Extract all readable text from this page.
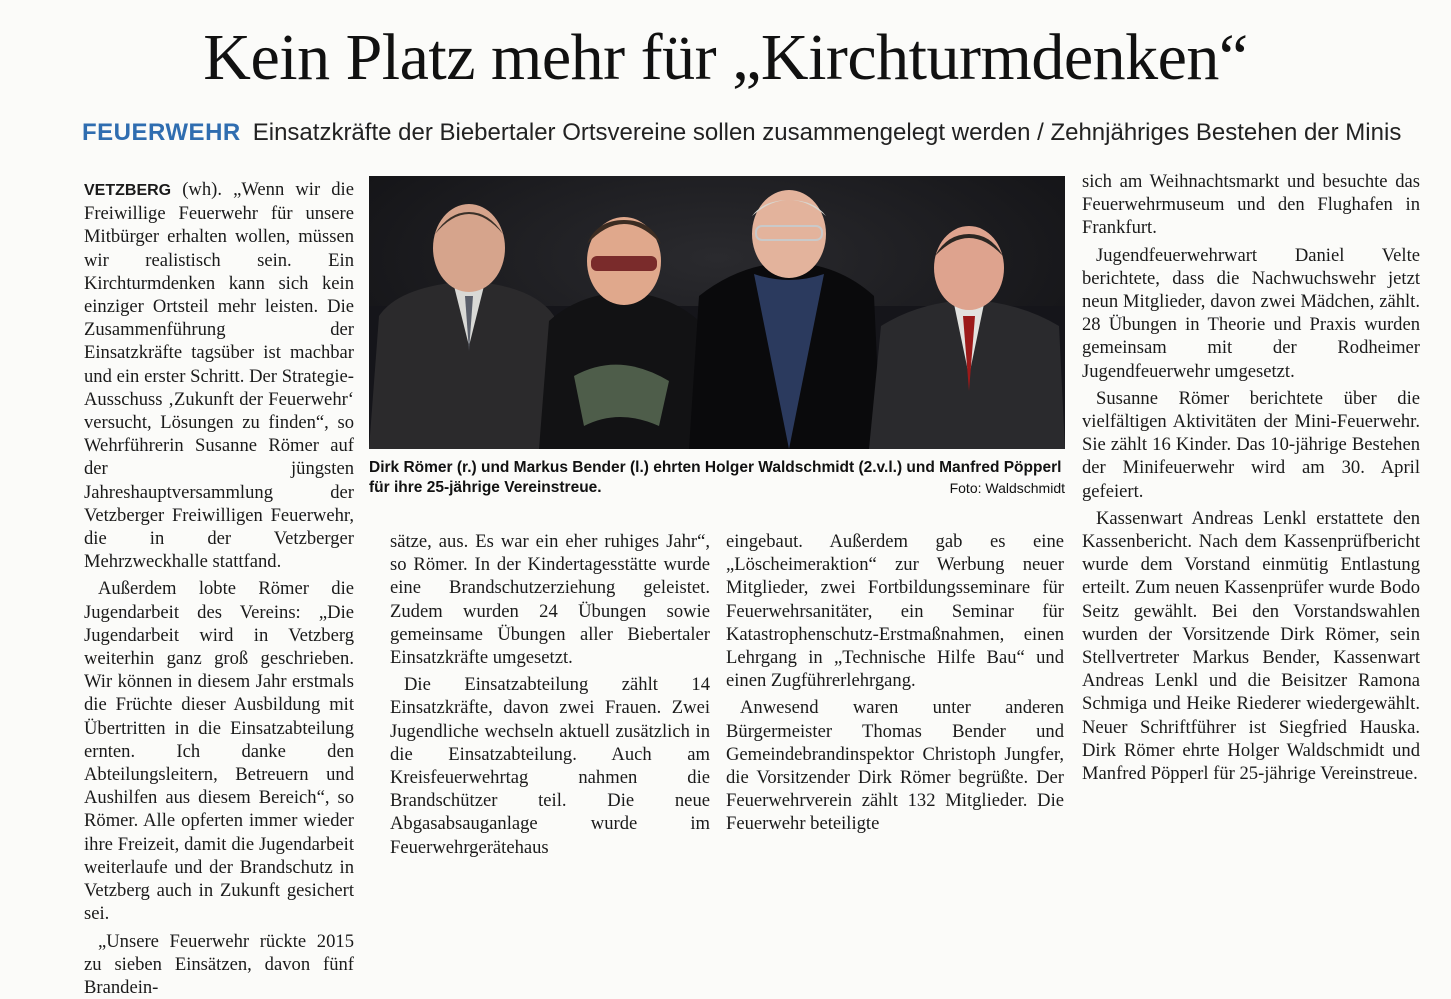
Kein Platz mehr für „Kirchturmdenken“
FEUERWEHR Einsatzkräfte der Biebertaler Ortsvereine sollen zusammengelegt werden / Zehnjähriges Bestehen der Minis

VETZBERG (wh). „Wenn wir die Freiwillige Feuerwehr für unsere Mitbürger erhalten wollen, müssen wir realistisch sein. Ein Kirchturmdenken kann sich kein einziger Ortsteil mehr leisten. Die Zusammenführung der Einsatzkräfte tagsüber ist machbar und ein erster Schritt. Der Strategie-Ausschuss ‚Zukunft der Feuerwehr‘ versucht, Lösungen zu finden“, so Wehrführerin Susanne Römer auf der jüngsten Jahreshauptversammlung der Vetzberger Freiwilligen Feuerwehr, die in der Vetzberger Mehrzweckhalle stattfand.

Außerdem lobte Römer die Jugendarbeit des Vereins: „Die Jugendarbeit wird in Vetzberg weiterhin ganz groß geschrieben. Wir können in diesem Jahr erstmals die Früchte dieser Ausbildung mit Übertritten in die Einsatzabteilung ernten. Ich danke den Abteilungsleitern, Betreuern und Aushilfen aus diesem Bereich“, so Römer. Alle opferten immer wieder ihre Freizeit, damit die Jugendarbeit weiterlaufe und der Brandschutz in Vetzberg auch in Zukunft gesichert sei.

„Unsere Feuerwehr rückte 2015 zu sieben Einsätzen, davon fünf Brandein-

Dirk Römer (r.) und Markus Bender (l.) ehrten Holger Waldschmidt (2.v.l.) und Manfred Pöpperl für ihre 25-jährige Vereinstreue.	Foto: Waldschmidt

sätze, aus. Es war ein eher ruhiges Jahr“, so Römer. In der Kindertagesstätte wurde eine Brandschutzerziehung geleistet. Zudem wurden 24 Übungen sowie gemeinsame Übungen aller Biebertaler Einsatzkräfte umgesetzt.

Die Einsatzabteilung zählt 14 Einsatzkräfte, davon zwei Frauen. Zwei Jugendliche wechseln aktuell zusätzlich in die Einsatzabteilung. Auch am Kreisfeuerwehrtag nahmen die Brandschützer teil. Die neue Abgasabsauganlage wurde im Feuerwehrgerätehaus

eingebaut. Außerdem gab es eine „Löscheimeraktion“ zur Werbung neuer Mitglieder, zwei Fortbildungsseminare für Feuerwehrsanitäter, ein Seminar für Katastrophenschutz-Erstmaßnahmen, einen Lehrgang in „Technische Hilfe Bau“ und einen Zugführerlehrgang.

Anwesend waren unter anderen Bürgermeister Thomas Bender und Gemeindebrandinspektor Christoph Jungfer, die Vorsitzender Dirk Römer begrüßte. Der Feuerwehrverein zählt 132 Mitglieder. Die Feuerwehr beteiligte

sich am Weihnachtsmarkt und besuchte das Feuerwehrmuseum und den Flughafen in Frankfurt.

Jugendfeuerwehrwart Daniel Velte berichtete, dass die Nachwuchswehr jetzt neun Mitglieder, davon zwei Mädchen, zählt. 28 Übungen in Theorie und Praxis wurden gemeinsam mit der Rodheimer Jugendfeuerwehr umgesetzt.

Susanne Römer berichtete über die vielfältigen Aktivitäten der Mini-Feuerwehr. Sie zählt 16 Kinder. Das 10-jährige Bestehen der Minifeuerwehr wird am 30. April gefeiert.

Kassenwart Andreas Lenkl erstattete den Kassenbericht. Nach dem Kassenprüfbericht wurde dem Vorstand einmütig Entlastung erteilt. Zum neuen Kassenprüfer wurde Bodo Seitz gewählt. Bei den Vorstandswahlen wurden der Vorsitzende Dirk Römer, sein Stellvertreter Markus Bender, Kassenwart Andreas Lenkl und die Beisitzer Ramona Schmiga und Heike Riederer wiedergewählt. Neuer Schriftführer ist Siegfried Hauska. Dirk Römer ehrte Holger Waldschmidt und Manfred Pöpperl für 25-jährige Vereinstreue.
